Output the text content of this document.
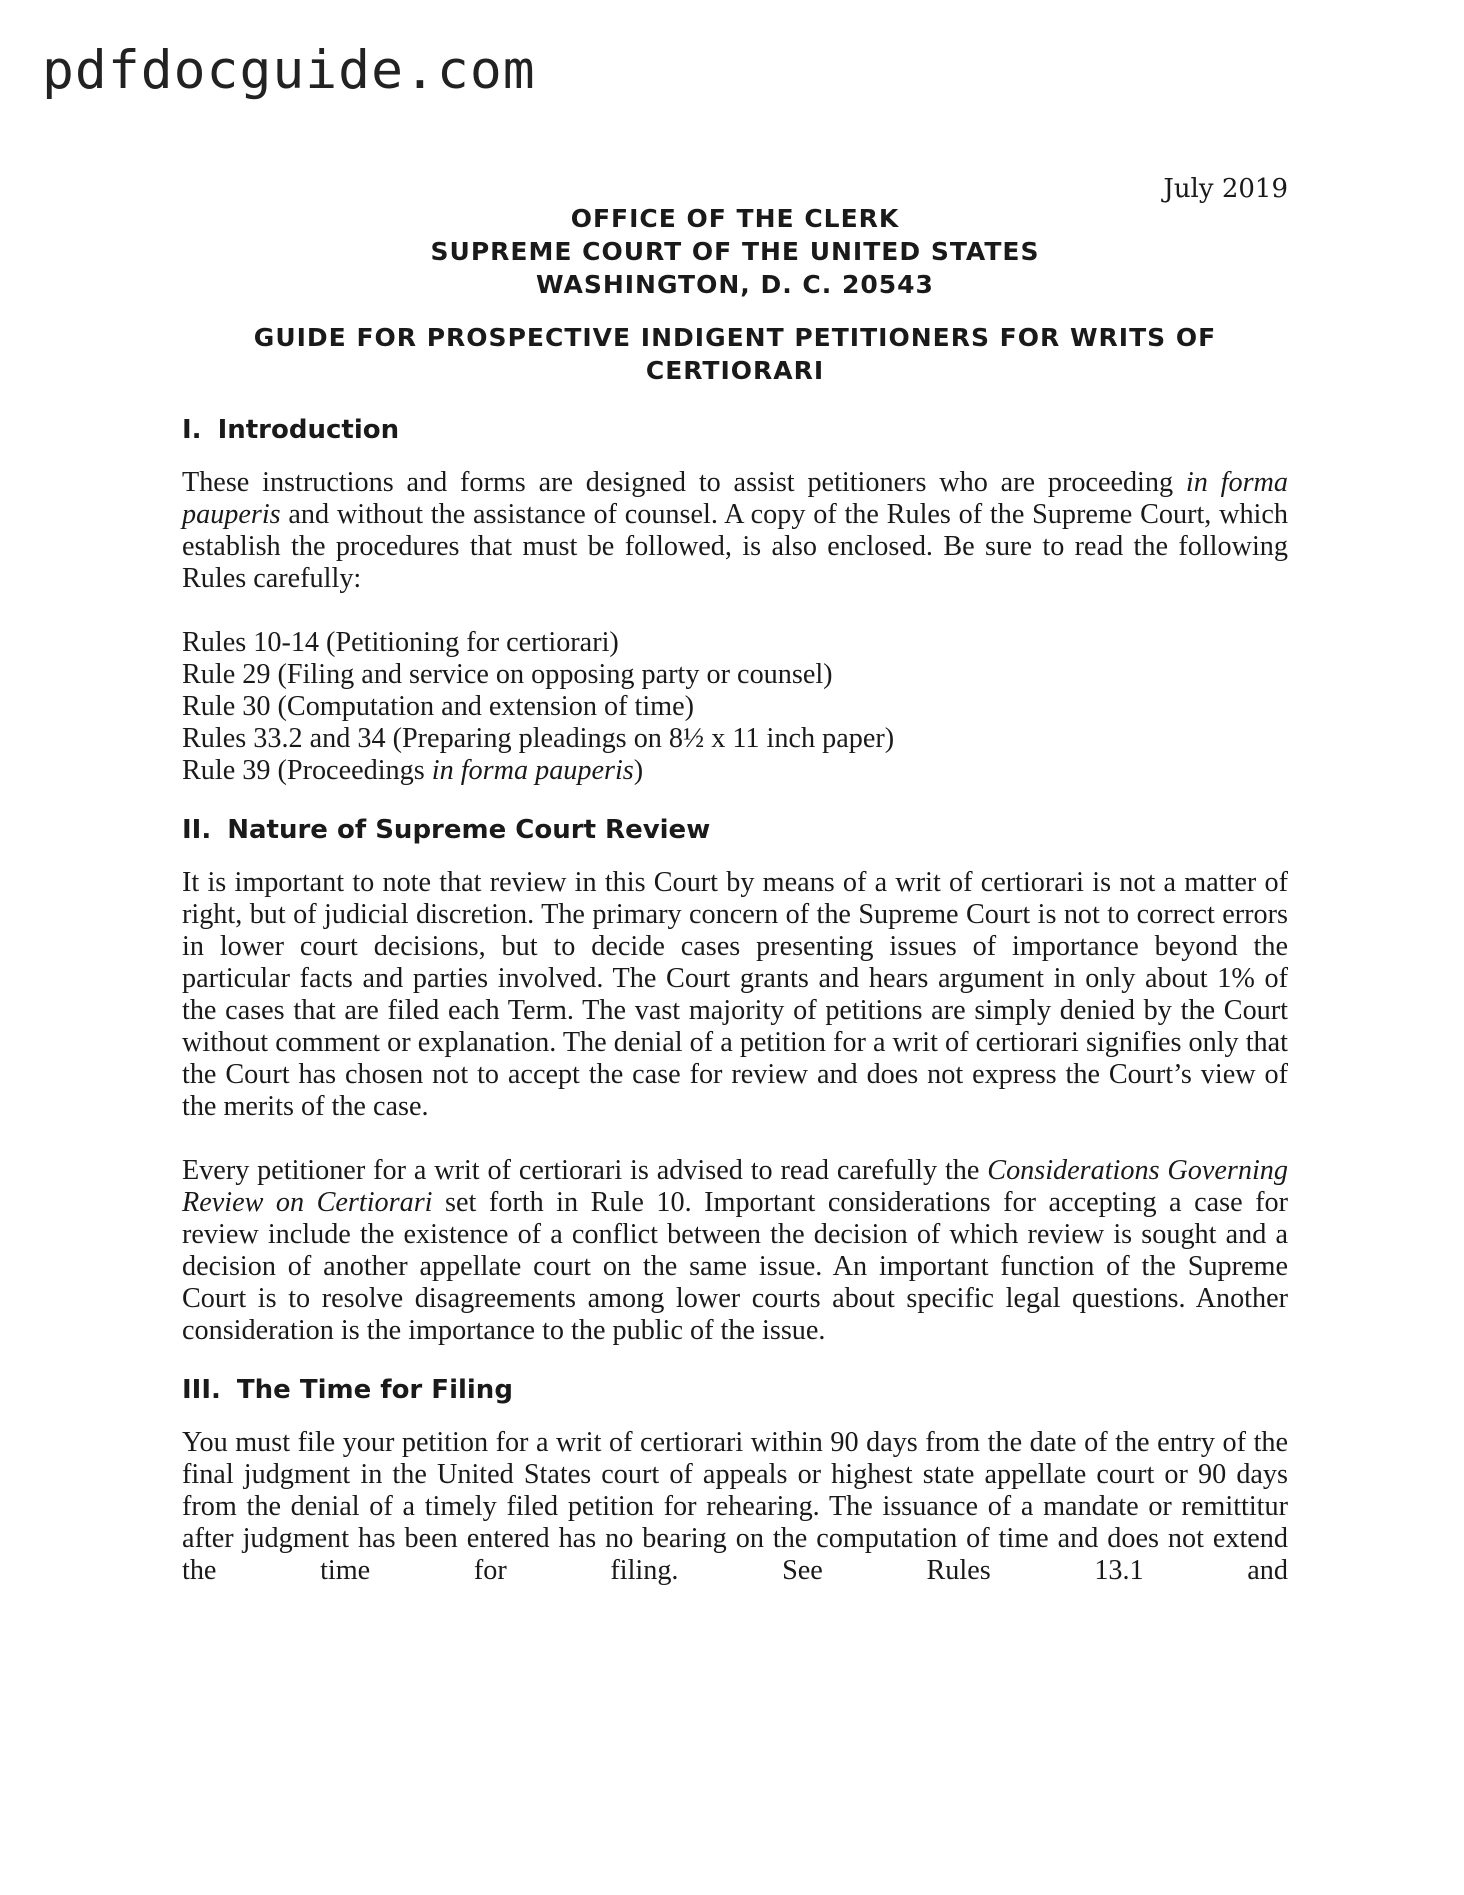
pdfdocguide.com
July 2019
OFFICE OF THE CLERK
SUPREME COURT OF THE UNITED STATES
WASHINGTON, D. C. 20543
GUIDE FOR PROSPECTIVE INDIGENT PETITIONERS FOR WRITS OF CERTIORARI
I. Introduction

These instructions and forms are designed to assist petitioners who are proceeding in forma pauperis and without the assistance of counsel. A copy of the Rules of the Supreme Court, which establish the procedures that must be followed, is also enclosed. Be sure to read the following Rules carefully:

Rules 10-14 (Petitioning for certiorari)
Rule 29 (Filing and service on opposing party or counsel)
Rule 30 (Computation and extension of time)
Rules 33.2 and 34 (Preparing pleadings on 8½ x 11 inch paper)
Rule 39 (Proceedings in forma pauperis)
II. Nature of Supreme Court Review

It is important to note that review in this Court by means of a writ of certiorari is not a matter of right, but of judicial discretion. The primary concern of the Supreme Court is not to correct errors in lower court decisions, but to decide cases presenting issues of importance beyond the particular facts and parties involved. The Court grants and hears argument in only about 1% of the cases that are filed each Term. The vast majority of petitions are simply denied by the Court without comment or explanation. The denial of a petition for a writ of certiorari signifies only that the Court has chosen not to accept the case for review and does not express the Court’s view of the merits of the case.

Every petitioner for a writ of certiorari is advised to read carefully the Considerations Governing Review on Certiorari set forth in Rule 10. Important considerations for accepting a case for review include the existence of a conflict between the decision of which review is sought and a decision of another appellate court on the same issue. An important function of the Supreme Court is to resolve disagreements among lower courts about specific legal questions. Another consideration is the importance to the public of the issue.

III. The Time for Filing

You must file your petition for a writ of certiorari within 90 days from the date of the entry of the final judgment in the United States court of appeals or highest state appellate court or 90 days from the denial of a timely filed petition for rehearing. The issuance of a mandate or remittitur after judgment has been entered has no bearing on the computation of time and does not extend the time for filing. See Rules 13.1 and
